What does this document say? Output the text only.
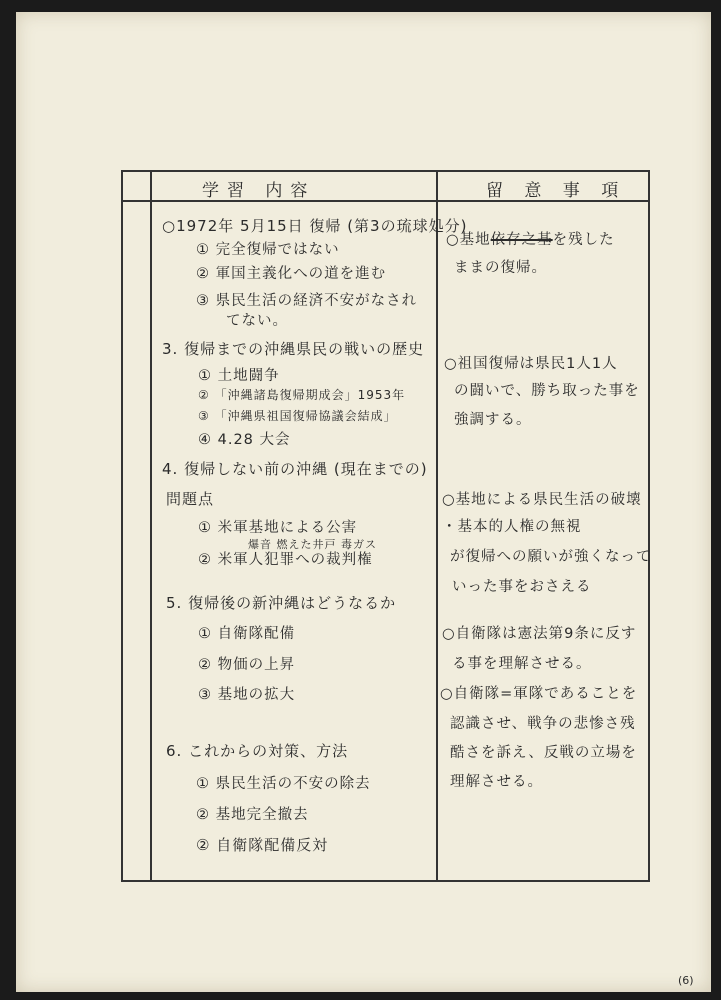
学習 内容	留 意 事 項
○1972年 5月15日 復帰 (第3の琉球処分)
① 完全復帰ではない
② 軍国主義化への道を進む
③ 県民生活の経済不安がなされ
てない。
3. 復帰までの沖縄県民の戦いの歴史
① 土地闘争
② 「沖縄諸島復帰期成会」1953年
③ 「沖縄県祖国復帰協議会結成」
④ 4.28 大会
4. 復帰しない前の沖縄 (現在までの)
問題点
① 米軍基地による公害
爆音 燃えた井戸 毒ガス
② 米軍人犯罪への裁判権
5. 復帰後の新沖縄はどうなるか
① 自衛隊配備
② 物価の上昇
③ 基地の拡大
6. これからの対策、方法
① 県民生活の不安の除去
② 基地完全撤去
② 自衛隊配備反対
○基地依存之基を残した
ままの復帰。
○祖国復帰は県民1人1人
の闘いで、勝ち取った事を
強調する。
○基地による県民生活の破壊
・基本的人権の無視
が復帰への願いが強くなって
いった事をおさえる
○自衛隊は憲法第9条に反す
る事を理解させる。
○自衛隊=軍隊であることを
認識させ、戦争の悲惨さ残
酷さを訴え、反戦の立場を
理解させる。
(6)
